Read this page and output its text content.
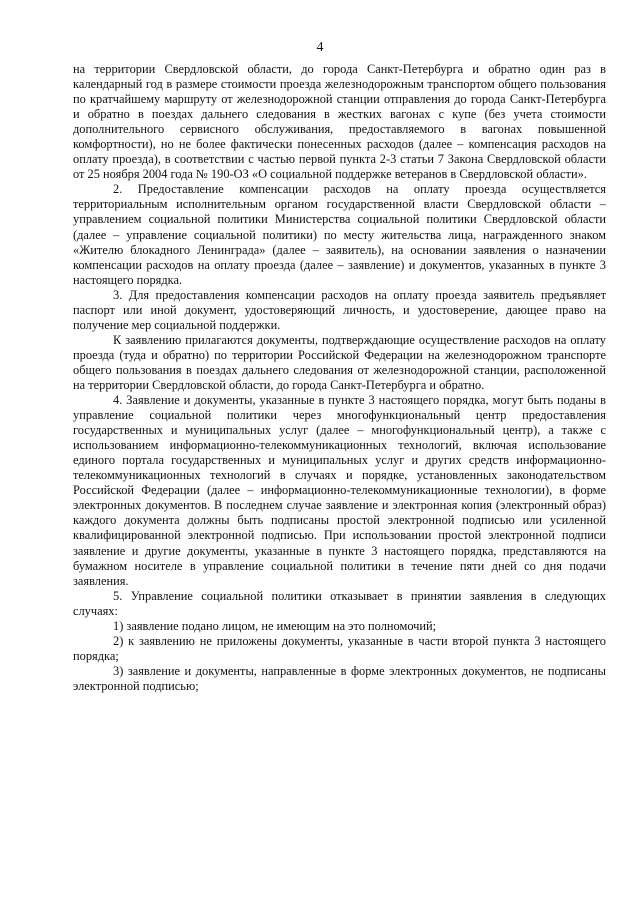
4

на территории Свердловской области, до города Санкт-Петербурга и обратно один раз в календарный год в размере стоимости проезда железнодорожным транспортом общего пользования по кратчайшему маршруту от железнодорожной станции отправления до города Санкт-Петербурга и обратно в поездах дальнего следования в жестких вагонах с купе (без учета стоимости дополнительного сервисного обслуживания, предоставляемого в вагонах повышенной комфортности), но не более фактически понесенных расходов (далее – компенсация расходов на оплату проезда), в соответствии с частью первой пункта 2-3 статьи 7 Закона Свердловской области от 25 ноября 2004 года № 190-ОЗ «О социальной поддержке ветеранов в Свердловской области».

2. Предоставление компенсации расходов на оплату проезда осуществляется территориальным исполнительным органом государственной власти Свердловской области – управлением социальной политики Министерства социальной политики Свердловской области (далее – управление социальной политики) по месту жительства лица, награжденного знаком «Жителю блокадного Ленинграда» (далее – заявитель), на основании заявления о назначении компенсации расходов на оплату проезда (далее – заявление) и документов, указанных в пункте 3 настоящего порядка.

3. Для предоставления компенсации расходов на оплату проезда заявитель предъявляет паспорт или иной документ, удостоверяющий личность, и удостоверение, дающее право на получение мер социальной поддержки.

К заявлению прилагаются документы, подтверждающие осуществление расходов на оплату проезда (туда и обратно) по территории Российской Федерации на железнодорожном транспорте общего пользования в поездах дальнего следования от железнодорожной станции, расположенной на территории Свердловской области, до города Санкт-Петербурга и обратно.

4. Заявление и документы, указанные в пункте 3 настоящего порядка, могут быть поданы в управление социальной политики через многофункциональный центр предоставления государственных и муниципальных услуг (далее – многофункциональный центр), а также с использованием информационно-телекоммуникационных технологий, включая использование единого портала государственных и муниципальных услуг и других средств информационно-телекоммуникационных технологий в случаях и порядке, установленных законодательством Российской Федерации (далее – информационно-телекоммуникационные технологии), в форме электронных документов. В последнем случае заявление и электронная копия (электронный образ) каждого документа должны быть подписаны простой электронной подписью или усиленной квалифицированной электронной подписью. При использовании простой электронной подписи заявление и другие документы, указанные в пункте 3 настоящего порядка, представляются на бумажном носителе в управление социальной политики в течение пяти дней со дня подачи заявления.

5. Управление социальной политики отказывает в принятии заявления в следующих случаях:

1) заявление подано лицом, не имеющим на это полномочий;

2) к заявлению не приложены документы, указанные в части второй пункта 3 настоящего порядка;

3) заявление и документы, направленные в форме электронных документов, не подписаны электронной подписью;
